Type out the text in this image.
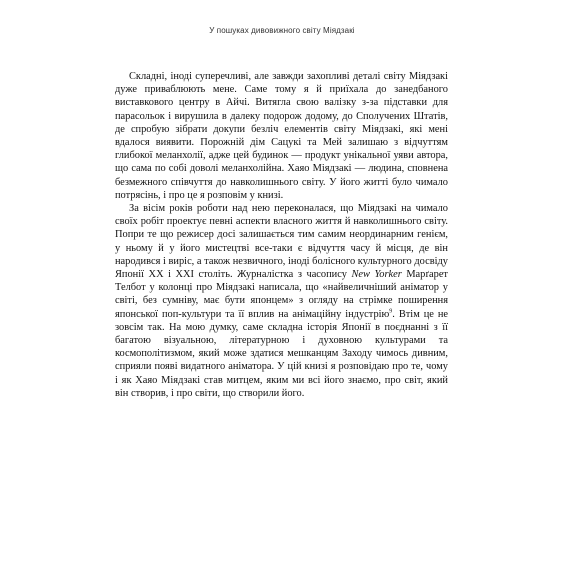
У пошуках дивовижного світу Міядзакі

Складні, іноді суперечливі, але завжди захопливі деталі світу Міядзакі дуже приваблюють мене. Саме тому я й приїхала до занедбаного виставкового центру в Айчі. Витягла свою валізку з-за підставки для парасольок і вирушила в далеку подорож додому, до Сполучених Штатів, де спробую зібрати докупи безліч елементів світу Міядзакі, які мені вдалося виявити. Порожній дім Сацукі та Мей залишаю з відчуттям глибокої меланхолії, адже цей будинок — продукт унікальної уяви автора, що сама по собі доволі меланхолійна. Хаяо Міядзакі — людина, сповнена безмежного співчуття до навколишнього світу. У його житті було чимало потрясінь, і про це я розповім у книзі.

За вісім років роботи над нею переконалася, що Міядзакі на чимало своїх робіт проектує певні аспекти власного життя й навколишнього світу. Попри те що режисер досі залишається тим самим неординарним генієм, у ньому й у його мистецтві все-таки є відчуття часу й місця, де він народився і виріс, а також незвичного, іноді болісного культурного досвіду Японії XX і XXI століть. Журналістка з часопису New Yorker Марґарет Телбот у колонці про Міядзакі написала, що «найвеличніший аніматор у світі, без сумніву, має бути японцем» з огляду на стрімке поширення японської поп-культури та її вплив на анімаційну індустрію$^9$. Втім це не зовсім так. На мою думку, саме складна історія Японії в поєднанні з її багатою візуальною, літературною і духовною культурами та космополітизмом, який може здатися мешканцям Заходу чимось дивним, сприяли появі видатного аніматора. У цій книзі я розповідаю про те, чому і як Хаяо Міядзакі став митцем, яким ми всі його знаємо, про світ, який він створив, і про світи, що створили його.
